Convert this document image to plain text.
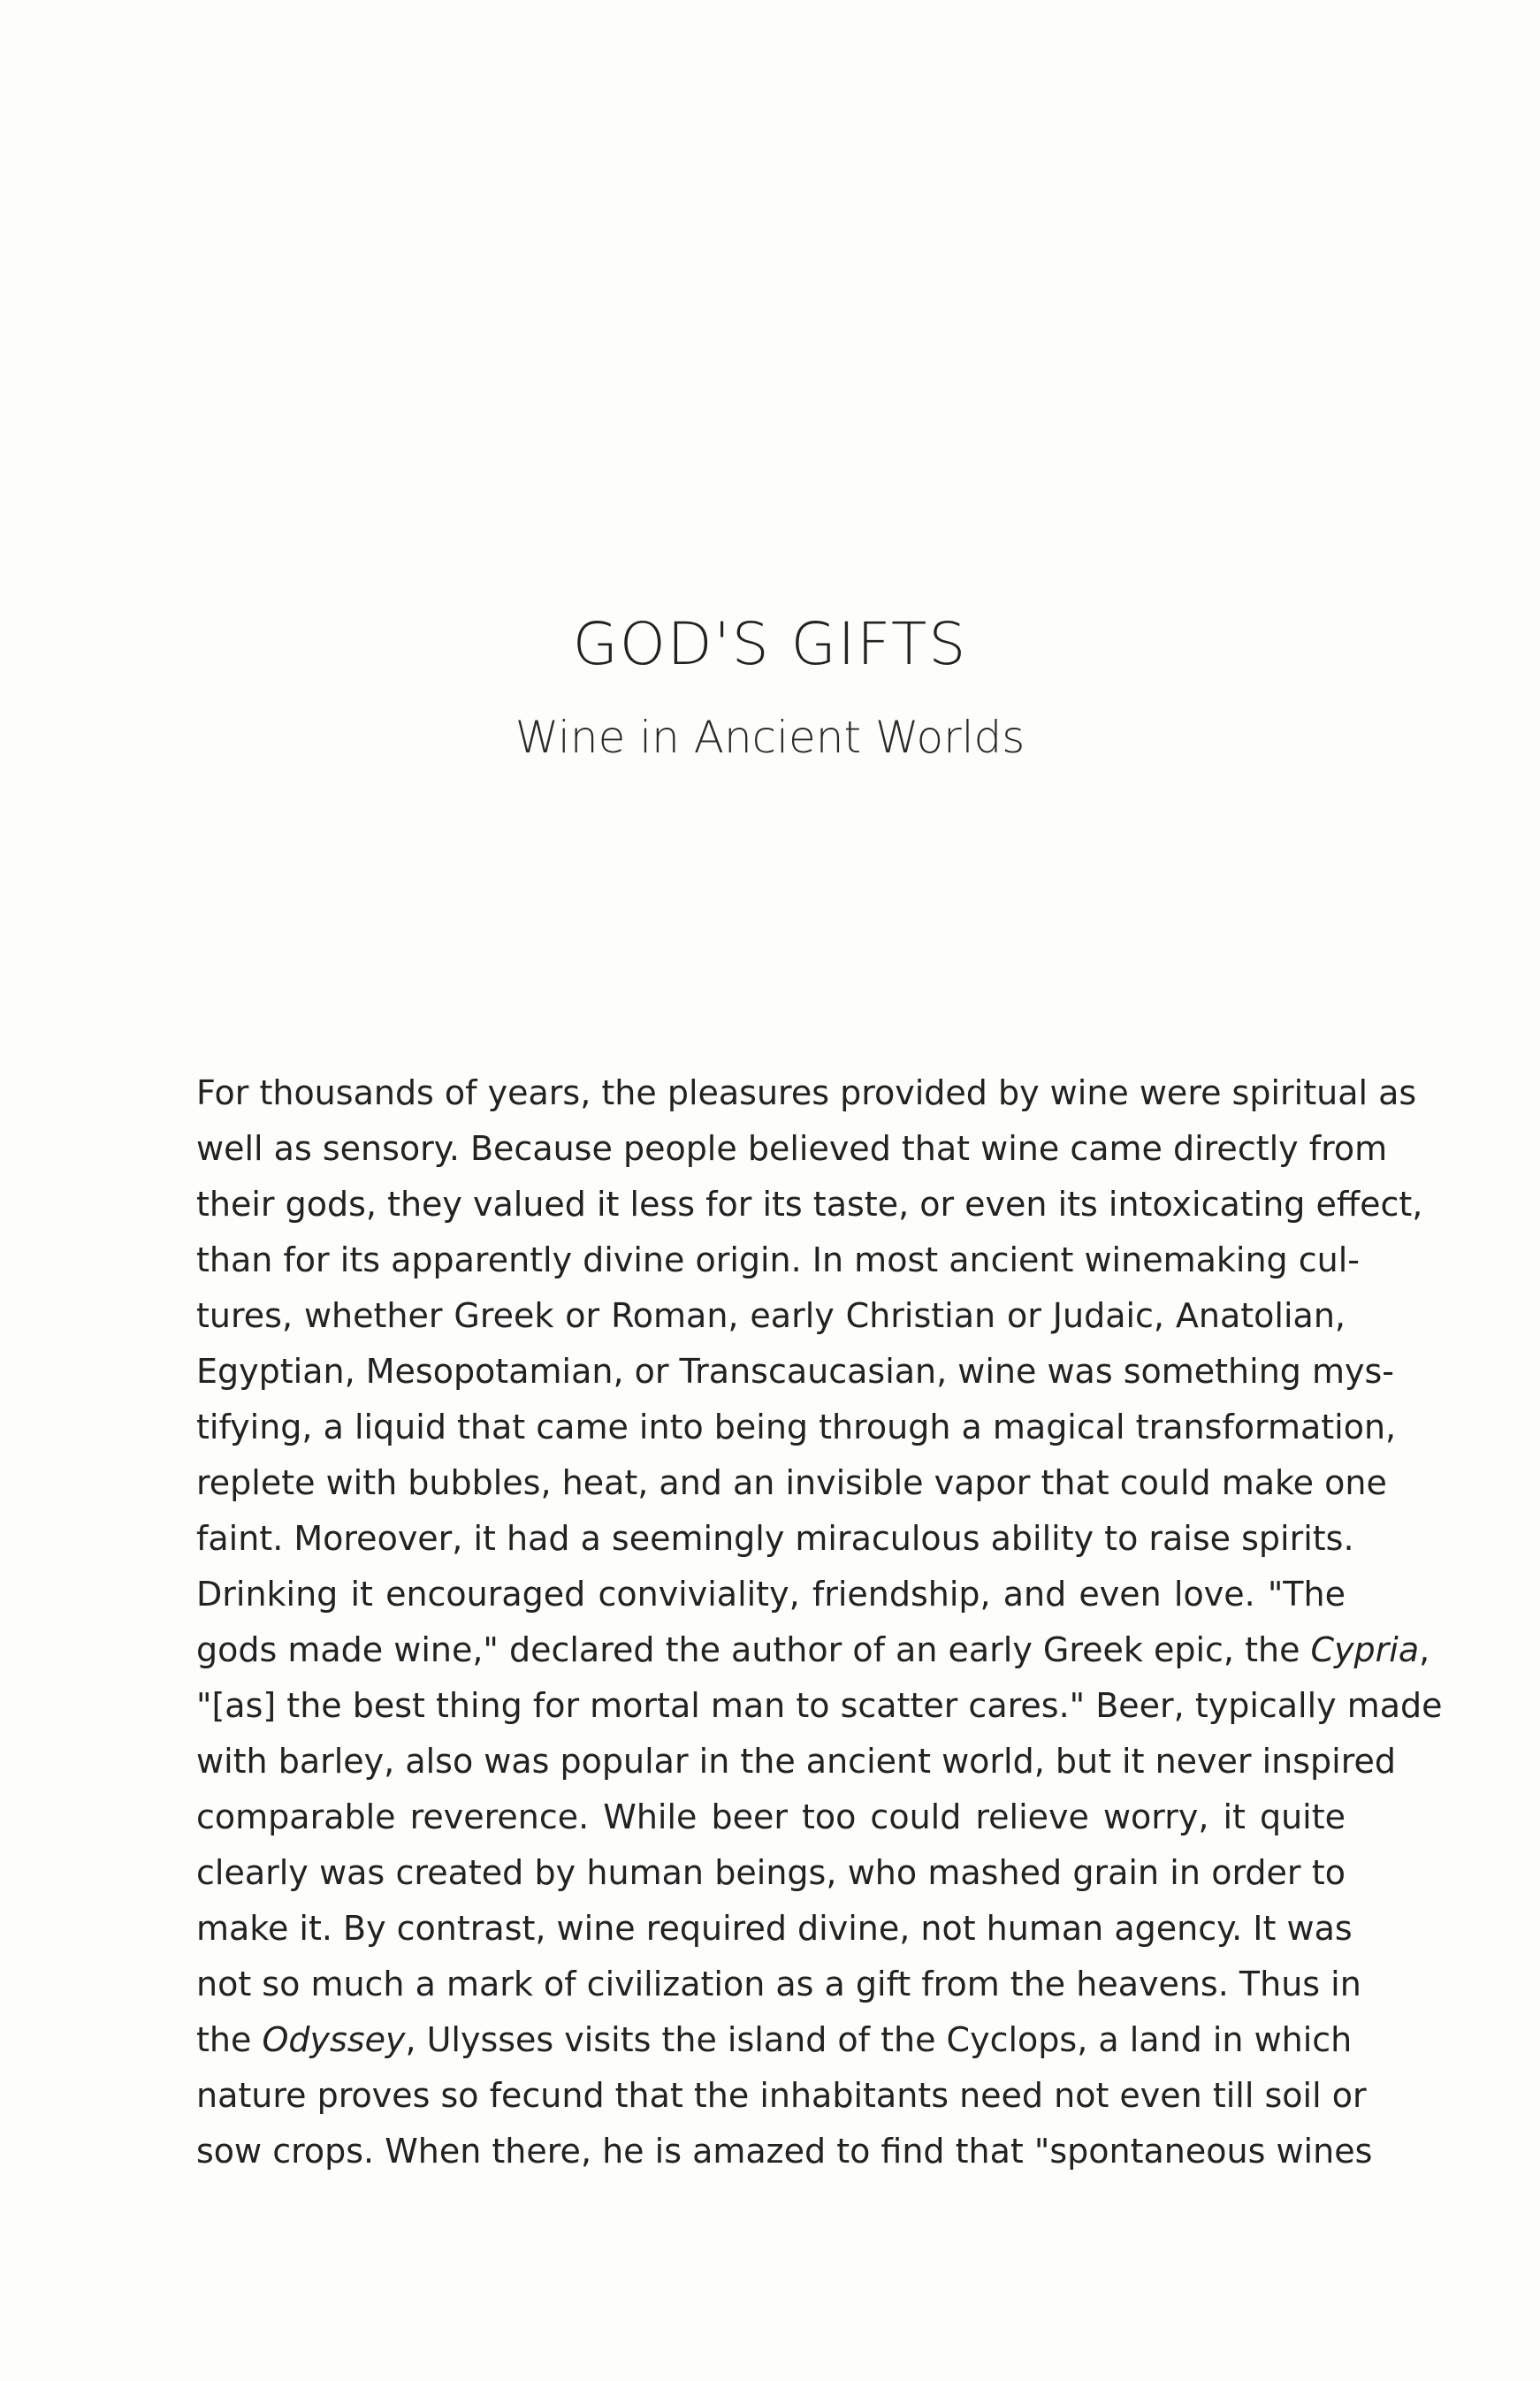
GOD'S GIFTS
Wine in Ancient Worlds
For thousands of years, the pleasures provided by wine were spiritual as
well as sensory. Because people believed that wine came directly from
their gods, they valued it less for its taste, or even its intoxicating effect,
than for its apparently divine origin. In most ancient winemaking cul-
tures, whether Greek or Roman, early Christian or Judaic, Anatolian,
Egyptian, Mesopotamian, or Transcaucasian, wine was something mys-
tifying, a liquid that came into being through a magical transformation,
replete with bubbles, heat, and an invisible vapor that could make one
faint. Moreover, it had a seemingly miraculous ability to raise spirits.
Drinking it encouraged conviviality, friendship, and even love. "The
gods made wine," declared the author of an early Greek epic, the Cypria,
"[as] the best thing for mortal man to scatter cares." Beer, typically made
with barley, also was popular in the ancient world, but it never inspired
comparable reverence. While beer too could relieve worry, it quite
clearly was created by human beings, who mashed grain in order to
make it. By contrast, wine required divine, not human agency. It was
not so much a mark of civilization as a gift from the heavens. Thus in
the Odyssey, Ulysses visits the island of the Cyclops, a land in which
nature proves so fecund that the inhabitants need not even till soil or
sow crops. When there, he is amazed to find that "spontaneous wines
